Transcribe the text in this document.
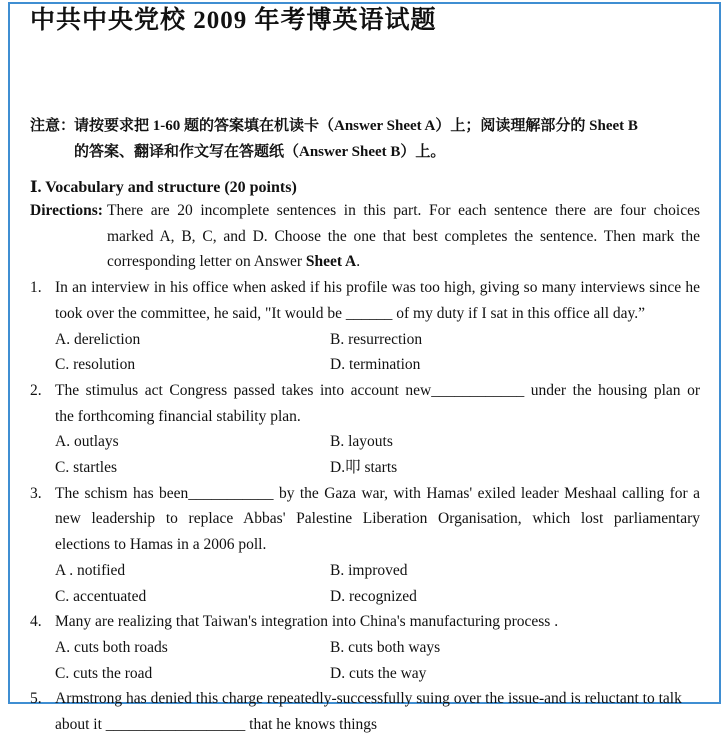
中共中央党校 2009 年考博英语试题
注意：
请按要求把 1-60 题的答案填在机读卡（Answer Sheet A）上；阅读理解部分的 Sheet B
的答案、翻译和作文写在答题纸（Answer Sheet B）上。
Ⅰ. Vocabulary and structure (20 points)
Directions: There are 20 incomplete sentences in this part. For each sentence there are four choices
marked A, B, C, and D. Choose the one that best completes the sentence. Then mark the
corresponding letter on Answer Sheet A.
1. In an interview in his office when asked if his profile was too high, giving so many interviews since he
took over the committee, he said, "It would be ______ of my duty if I sat in this office all day.”
A. dereliction	B. resurrection
C. resolution	D. termination
2. The stimulus act Congress passed takes into account new____________ under the housing plan or
the forthcoming financial stability plan.
A. outlays	B. layouts
C. startles	D.叩 starts
3. The schism has been___________ by the Gaza war, with Hamas' exiled leader Meshaal calling for a
new leadership to replace Abbas' Palestine Liberation Organisation, which lost parliamentary
elections to Hamas in a 2006 poll.
A . notified	B. improved
C. accentuated	D. recognized
4. Many are realizing that Taiwan's integration into China's manufacturing process .
A. cuts both roads	B. cuts both ways
C. cuts the road	D. cuts the way
5. Armstrong has denied this charge repeatedly-successfully suing over the issue-and is reluctant to talk
about it __________________ that he knows things
